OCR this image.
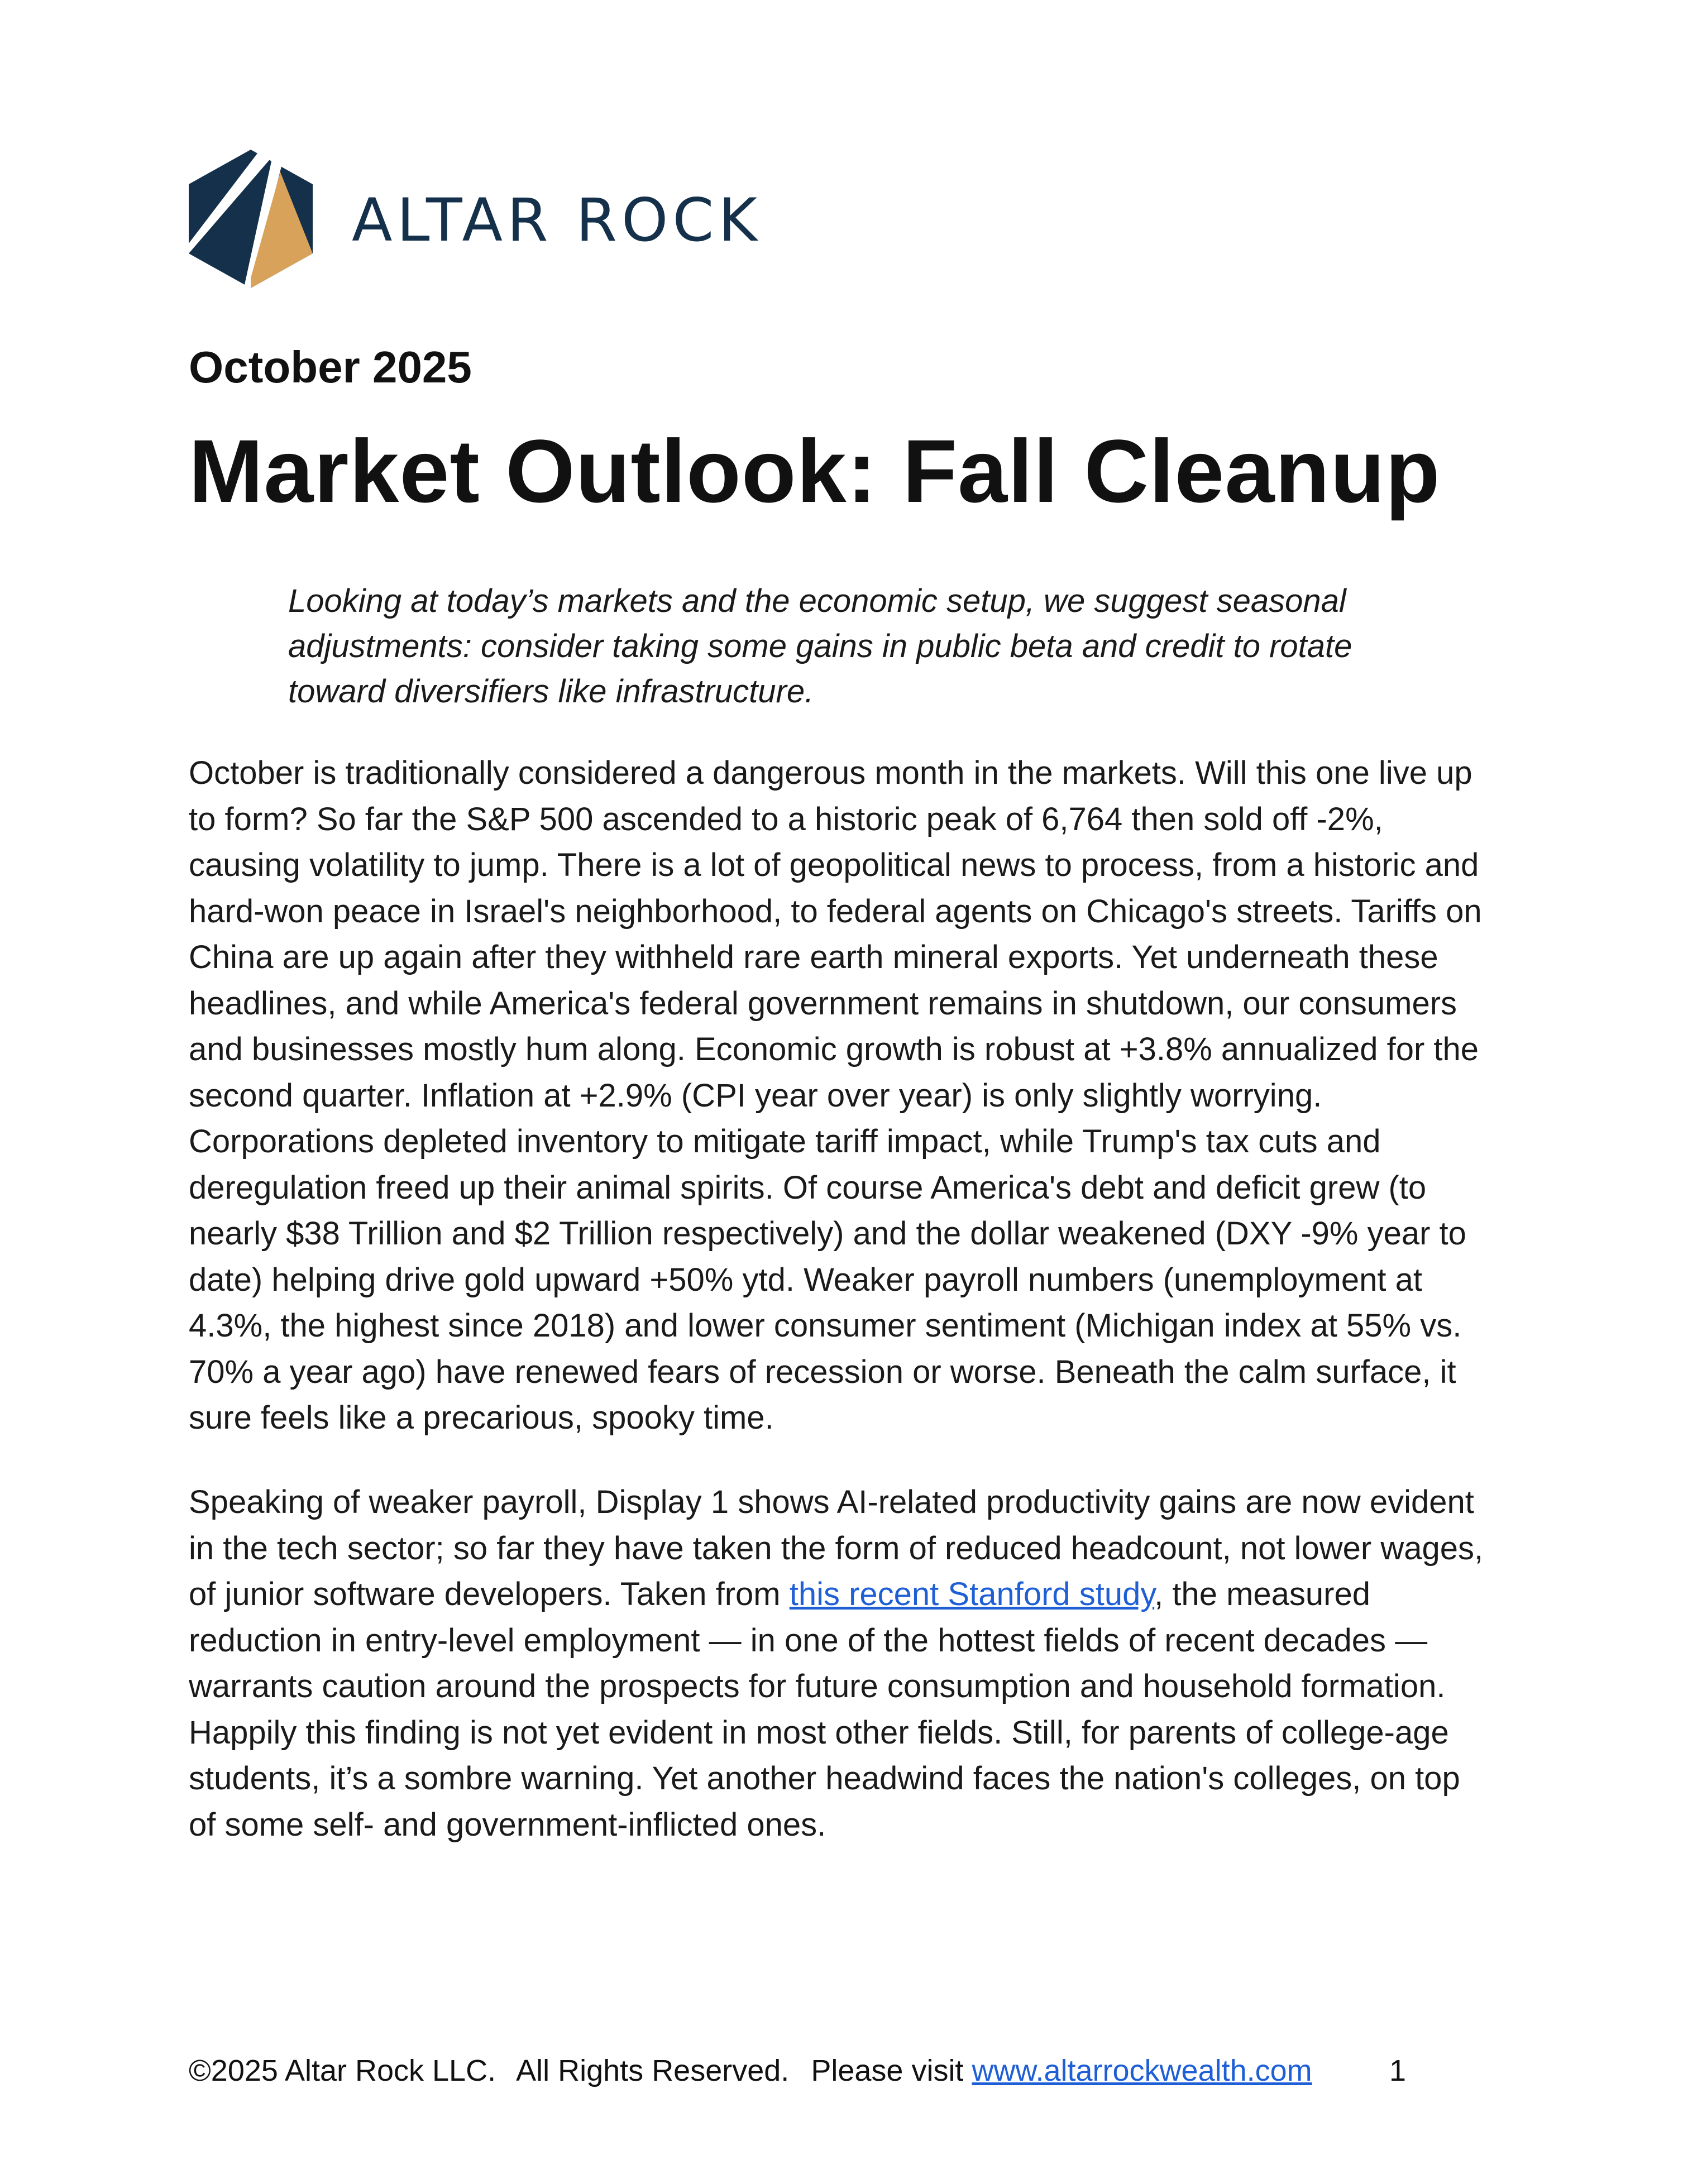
ALTAR ROCK
October 2025
Market Outlook: Fall Cleanup

Looking at today’s markets and the economic setup, we suggest seasonal adjustments: consider taking some gains in public beta and credit to rotate toward diversifiers like infrastructure.

October is traditionally considered a dangerous month in the markets. Will this one live up to form? So far the S&P 500 ascended to a historic peak of 6,764 then sold off -2%, causing volatility to jump. There is a lot of geopolitical news to process, from a historic and hard-won peace in Israel's neighborhood, to federal agents on Chicago's streets. Tariffs on China are up again after they withheld rare earth mineral exports. Yet underneath these headlines, and while America's federal government remains in shutdown, our consumers and businesses mostly hum along. Economic growth is robust at +3.8% annualized for the second quarter. Inflation at +2.9% (CPI year over year) is only slightly worrying. Corporations depleted inventory to mitigate tariff impact, while Trump's tax cuts and deregulation freed up their animal spirits. Of course America's debt and deficit grew (to nearly $38 Trillion and $2 Trillion respectively) and the dollar weakened (DXY -9% year to date) helping drive gold upward +50% ytd. Weaker payroll numbers (unemployment at 4.3%, the highest since 2018) and lower consumer sentiment (Michigan index at 55% vs. 70% a year ago) have renewed fears of recession or worse. Beneath the calm surface, it sure feels like a precarious, spooky time.

Speaking of weaker payroll, Display 1 shows AI-related productivity gains are now evident in the tech sector; so far they have taken the form of reduced headcount, not lower wages, of junior software developers. Taken from this recent Stanford study, the measured reduction in entry-level employment — in one of the hottest fields of recent decades — warrants caution around the prospects for future consumption and household formation. Happily this finding is not yet evident in most other fields. Still, for parents of college-age students, it’s a sombre warning. Yet another headwind faces the nation's colleges, on top of some self- and government-inflicted ones.

©2025 Altar Rock LLC. All Rights Reserved. Please visit www.altarrockwealth.com	1
